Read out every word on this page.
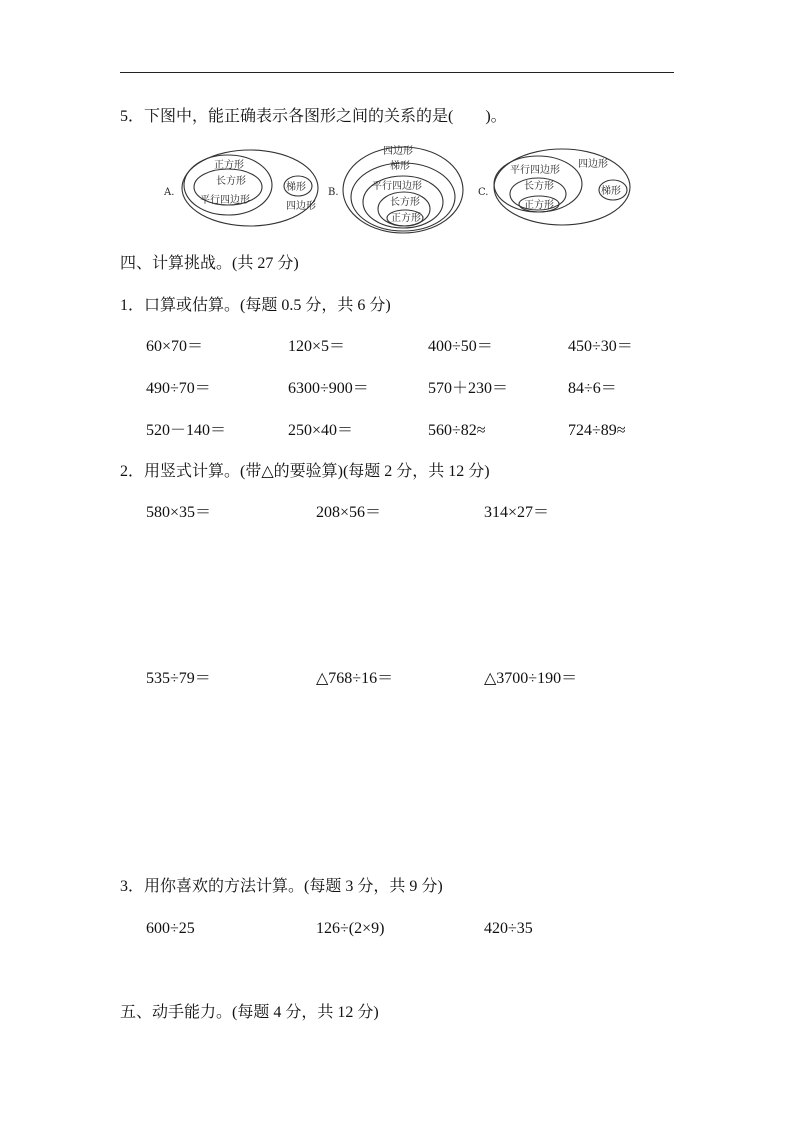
5．下图中，能正确表示各图形之间的关系的是(　　)。
A.
正方形
长方形
平行四边形
梯形
四边形
B.
四边形
梯形
平行四边形
长方形
正方形
C.
平行四边形
长方形
正方形
四边形
梯形
四、计算挑战。(共 27 分)
1．口算或估算。(每题 0.5 分，共 6 分)
60×70＝	120×5＝	400÷50＝	450÷30＝
490÷70＝	6300÷900＝	570＋230＝	84÷6＝
520－140＝	250×40＝	560÷82≈	724÷89≈
2．用竖式计算。(带△的要验算)(每题 2 分，共 12 分)
580×35＝	208×56＝	314×27＝
535÷79＝	△768÷16＝	△3700÷190＝
3．用你喜欢的方法计算。(每题 3 分，共 9 分)
600÷25	126÷(2×9)	420÷35
五、动手能力。(每题 4 分，共 12 分)
